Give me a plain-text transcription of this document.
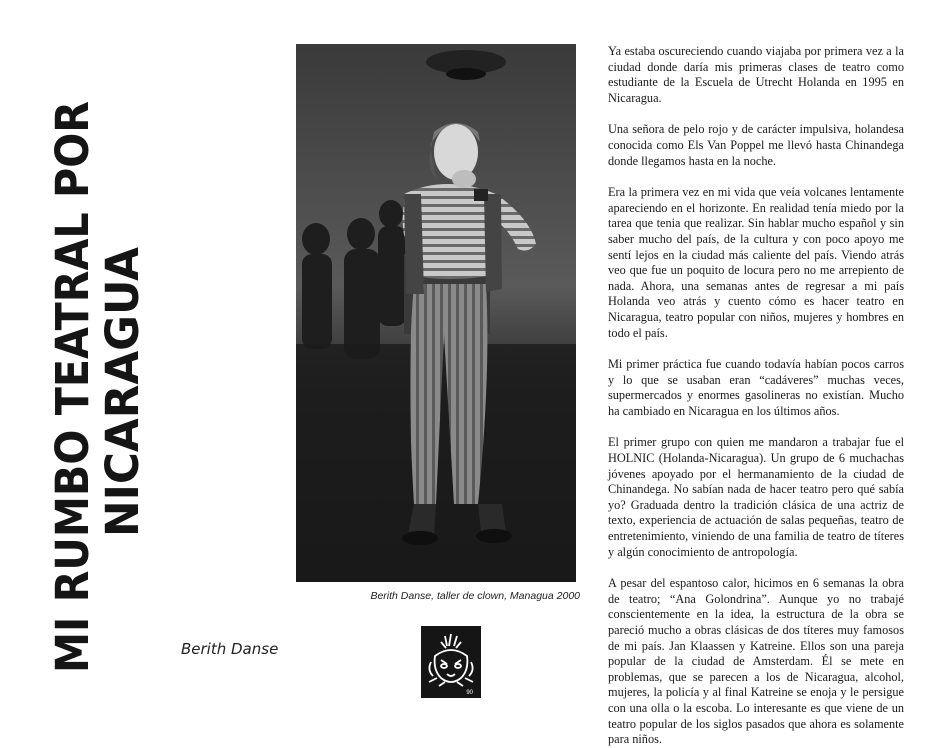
MI RUMBO TEATRAL POR
NICARAGUA
Berith Danse, taller de clown, Managua 2000
Berith Danse
90

Ya estaba oscureciendo cuando viajaba por primera vez a la ciudad donde daría mis primeras clases de teatro como estudiante de la Escuela de Utrecht Holanda en 1995 en Nicaragua.

Una señora de pelo rojo y de carácter impulsiva, holandesa conocida como Els Van Poppel me llevó hasta Chinandega donde llegamos hasta en la noche.

Era la primera vez en mi vida que veía volcanes lentamente apareciendo en el horizonte. En realidad tenía miedo por la tarea que tenia que realizar. Sin hablar mucho español y sin saber mucho del país, de la cultura y con poco apoyo me sentí lejos en la ciudad más caliente del país. Viendo atrás veo que fue un poquito de locura pero no me arrepiento de nada. Ahora, una semanas antes de regresar a mi país Holanda veo atrás y cuento cómo es hacer teatro en Nicaragua, teatro popular con niños, mujeres y hombres en todo el país.

Mi primer práctica fue cuando todavía habían pocos carros y lo que se usaban eran “cadáveres” muchas veces, supermercados y enormes gasolineras no existían. Mucho ha cambiado en Nicaragua en los últimos años.

El primer grupo con quien me mandaron a trabajar fue el HOLNIC (Holanda-Nicaragua). Un grupo de 6 muchachas jóvenes apoyado por el hermanamiento de la ciudad de Chinandega. No sabían nada de hacer teatro pero qué sabía yo? Graduada dentro la tradición clásica de una actriz de texto, experiencia de actuación de salas pequeñas, teatro de entretenimiento, viniendo de una familia de teatro de títeres y algún conocimiento de antropología.

A pesar del espantoso calor, hicimos en 6 semanas la obra de teatro; “Ana Golondrina”. Aunque yo no trabajé conscientemente en la idea, la estructura de la obra se pareció mucho a obras clásicas de dos títeres muy famosos de mi país. Jan Klaassen y Katreine. Ellos son una pareja popular de la ciudad de Amsterdam. Él se mete en problemas, que se parecen a los de Nicaragua, alcohol, mujeres, la policía y al final Katreine se enoja y le persigue con una olla o la escoba. Lo interesante es que viene de un teatro popular de los siglos pasados que ahora es solamente para niños.
